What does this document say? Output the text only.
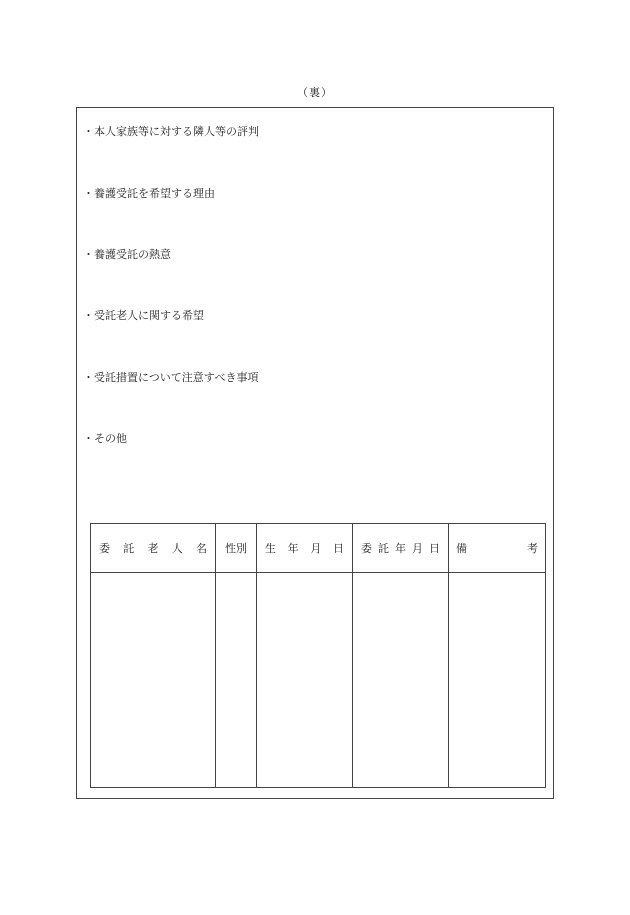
（裏）
・本人家族等に対する隣人等の評判
・養護受託を希望する理由
・養護受託の熱意
・受託老人に関する希望
・受託措置について注意すべき事項
・その他
委 託 老 人 名	性別	生 年 月 日	委 託 年 月 日	備 考
